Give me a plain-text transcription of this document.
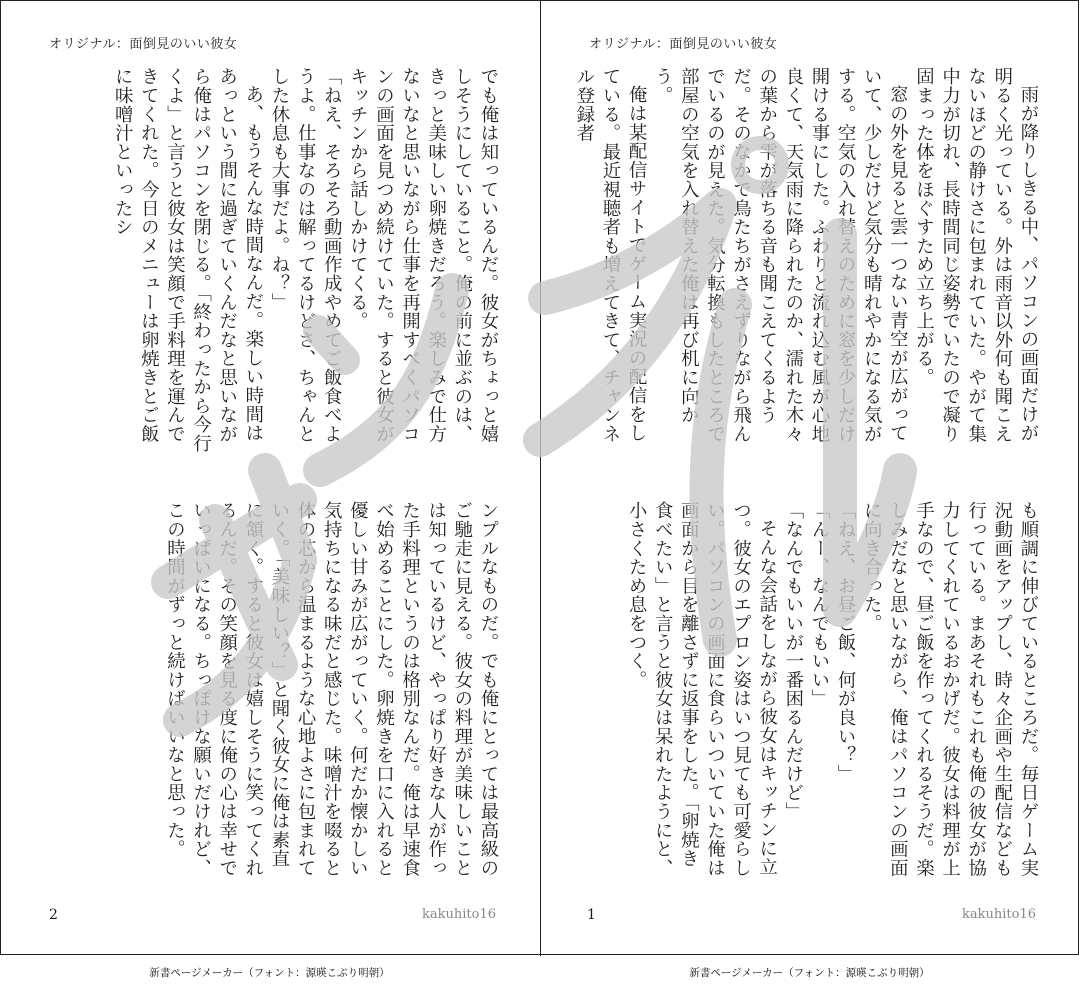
オリジナル：面倒見のいい彼女

でも俺は知っているんだ。彼女がちょっと嬉しそうにしていること。俺の前に並ぶのは、きっと美味しい卵焼きだろう。楽しみで仕方ないなと思いながら仕事を再開すべくパソコンの画面を見つめ続けていた。すると彼女がキッチンから話しかけてくる。

「ねえ、そろそろ動画作成やめてご飯食べようよ。仕事なのは解ってるけどさ、ちゃんとした休息も大事だよ。ね？」

あ、もうそんな時間なんだ。楽しい時間はあっという間に過ぎていくんだなと思いながら俺はパソコンを閉じる。「終わったから今行くよ」と言うと彼女は笑顔で手料理を運んできてくれた。今日のメニューは卵焼きとご飯に味噌汁といったシ

ンプルなものだ。でも俺にとっては最高級のご馳走に見える。彼女の料理が美味しいことは知っているけど、やっぱり好きな人が作った手料理というのは格別なんだ。俺は早速食べ始めることにした。卵焼きを口に入れると優しい甘みが広がっていく。何だか懐かしい気持ちになる味だと感じた。味噌汁を啜ると体の芯から温まるような心地よさに包まれていく。「美味しい？」と聞く彼女に俺は素直に頷く。すると彼女は嬉しそうに笑ってくれるんだ。その笑顔を見る度に俺の心は幸せでいっぱいになる。ちっぽけな願いだけれど、この時間がずっと続けばいいなと思った。

2	kakuhito16
オリジナル：面倒見のいい彼女

雨が降りしきる中、パソコンの画面だけが明るく光っている。外は雨音以外何も聞こえないほどの静けさに包まれていた。やがて集中力が切れ、長時間同じ姿勢でいたので凝り固まった体をほぐすため立ち上がる。

窓の外を見ると雲一つない青空が広がっていて、少しだけど気分も晴れやかになる気がする。空気の入れ替えのために窓を少しだけ開ける事にした。ふわりと流れ込む風が心地良くて、天気雨に降られたのか、濡れた木々の葉から雫が落ちる音も聞こえてくるようだ。そのなかで鳥たちがさえずりながら飛んでいるのが見えた。気分転換もしたところで部屋の空気を入れ替えた俺は再び机に向かう。

俺は某配信サイトでゲーム実況の配信をしている。最近視聴者も増えてきて、チャンネル登録者

も順調に伸びているところだ。毎日ゲーム実況動画をアップし、時々企画や生配信なども行っている。まあそれもこれも俺の彼女が協力してくれているおかげだ。彼女は料理が上手なので、昼ご飯を作ってくれるそうだ。楽しみだなと思いながら、俺はパソコンの画面に向き合った。

「ねえ、お昼ご飯、何が良い？」

「んー、なんでもいい」

「なんでもいいが一番困るんだけど」

そんな会話をしながら彼女はキッチンに立つ。彼女のエプロン姿はいつ見ても可愛らしい。パソコンの画面に食らいついていた俺は画面から目を離さずに返事をした。「卵焼き食べたい」と言うと彼女は呆れたようにと、小さくため息をつく。

1	kakuhito16
新書ページメーカー（フォント：源暎こぶり明朝）	新書ページメーカー（フォント：源暎こぶり明朝）
